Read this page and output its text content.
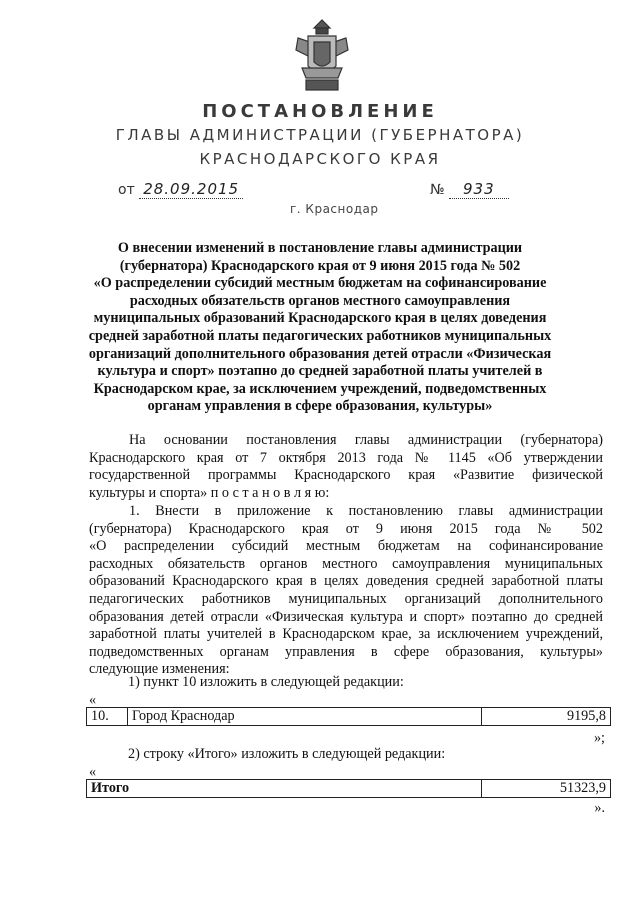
ПОСТАНОВЛЕНИЕ
ГЛАВЫ АДМИНИСТРАЦИИ (ГУБЕРНАТОРА)
КРАСНОДАРСКОГО КРАЯ
от 28.09.2015	№ 933
г. Краснодар
О внесении изменений в постановление главы администрации
(губернатора) Краснодарского края от 9 июня 2015 года № 502
«О распределении субсидий местным бюджетам на софинансирование
расходных обязательств органов местного самоуправления
муниципальных образований Краснодарского края в целях доведения
средней заработной платы педагогических работников муниципальных
организаций дополнительного образования детей отрасли «Физическая
культура и спорт» поэтапно до средней заработной платы учителей в
Краснодарском крае, за исключением учреждений, подведомственных
органам управления в сфере образования, культуры»
На основании постановления главы администрации (губернатора)
Краснодарского края от 7 октября 2013 года № 1145 «Об утверждении
государственной программы Краснодарского края «Развитие физической
культуры и спорта» п о с т а н о в л я ю:
1. Внести в приложение к постановлению главы администрации
(губернатора) Краснодарского края от 9 июня 2015 года № 502
«О распределении субсидий местным бюджетам на софинансирование
расходных обязательств органов местного самоуправления муниципальных
образований Краснодарского края в целях доведения средней заработной платы
педагогических работников муниципальных организаций дополнительного
образования детей отрасли «Физическая культура и спорт» поэтапно до средней
заработной платы учителей в Краснодарском крае, за исключением учреждений,
подведомственных органам управления в сфере образования, культуры»
следующие изменения:
1) пункт 10 изложить в следующей редакции:
«
10.	Город Краснодар	9195,8
»;
2) строку «Итого» изложить в следующей редакции:
«
Итого	51323,9
».
